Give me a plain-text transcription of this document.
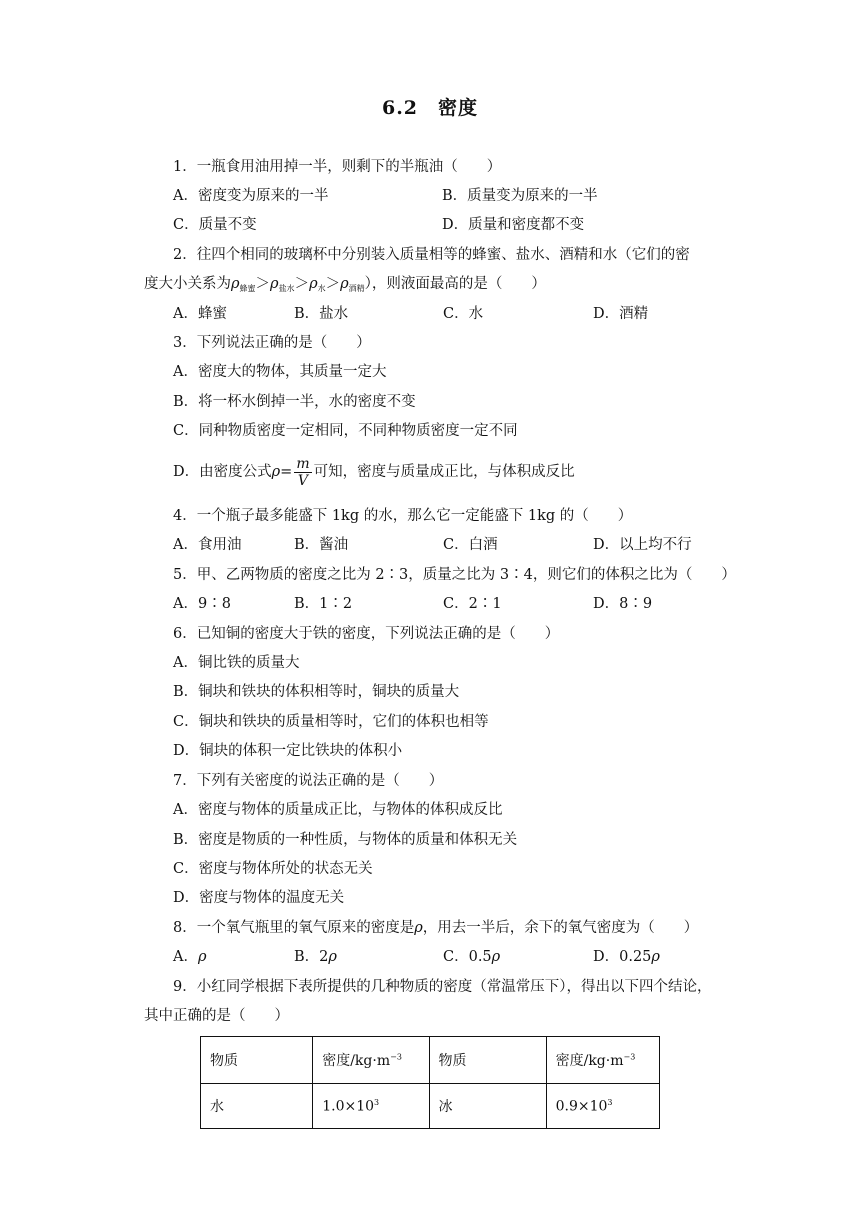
6.2　密度
1．一瓶食用油用掉一半，则剩下的半瓶油（　　）
A．密度变为原来的一半	B．质量变为原来的一半
C．质量不变	D．质量和密度都不变
2．往四个相同的玻璃杯中分别装入质量相等的蜂蜜、盐水、酒精和水（它们的密
度大小关系为$\rho_{蜂蜜}>\rho_{盐水}>\rho_水>\rho_{酒精}$），则液面最高的是（　　）
A．蜂蜜	B．盐水	C．水	D．酒精
3．下列说法正确的是（　　）
A．密度大的物体，其质量一定大
B．将一杯水倒掉一半，水的密度不变
C．同种物质密度一定相同，不同种物质密度一定不同
D．由密度公式$\rho= \frac{m}{V}$ 可知，密度与质量成正比，与体积成反比
4．一个瓶子最多能盛下 1kg 的水，那么它一定能盛下 1kg 的（　　）
A．食用油	B．酱油	C．白酒	D．以上均不行
5．甲、乙两物质的密度之比为 2∶3，质量之比为 3∶4，则它们的体积之比为（　　）
A．9∶8	B．1∶2	C．2∶1	D．8∶9
6．已知铜的密度大于铁的密度，下列说法正确的是（　　）
A．铜比铁的质量大
B．铜块和铁块的体积相等时，铜块的质量大
C．铜块和铁块的质量相等时，它们的体积也相等
D．铜块的体积一定比铁块的体积小
7．下列有关密度的说法正确的是（　　）
A．密度与物体的质量成正比，与物体的体积成反比
B．密度是物质的一种性质，与物体的质量和体积无关
C．密度与物体所处的状态无关
D．密度与物体的温度无关
8．一个氧气瓶里的氧气原来的密度是ρ，用去一半后，余下的氧气密度为（　　）
A．ρ	B．2ρ	C．0.5ρ	D．0.25ρ
9．小红同学根据下表所提供的几种物质的密度（常温常压下），得出以下四个结论，
其中正确的是（　　）
物质	密度$/kg\cdot m^{-3}$	物质	密度$/kg\cdot m^{-3}$
水	$1.0\times 10^3$	冰	$0.9\times 10^3$
